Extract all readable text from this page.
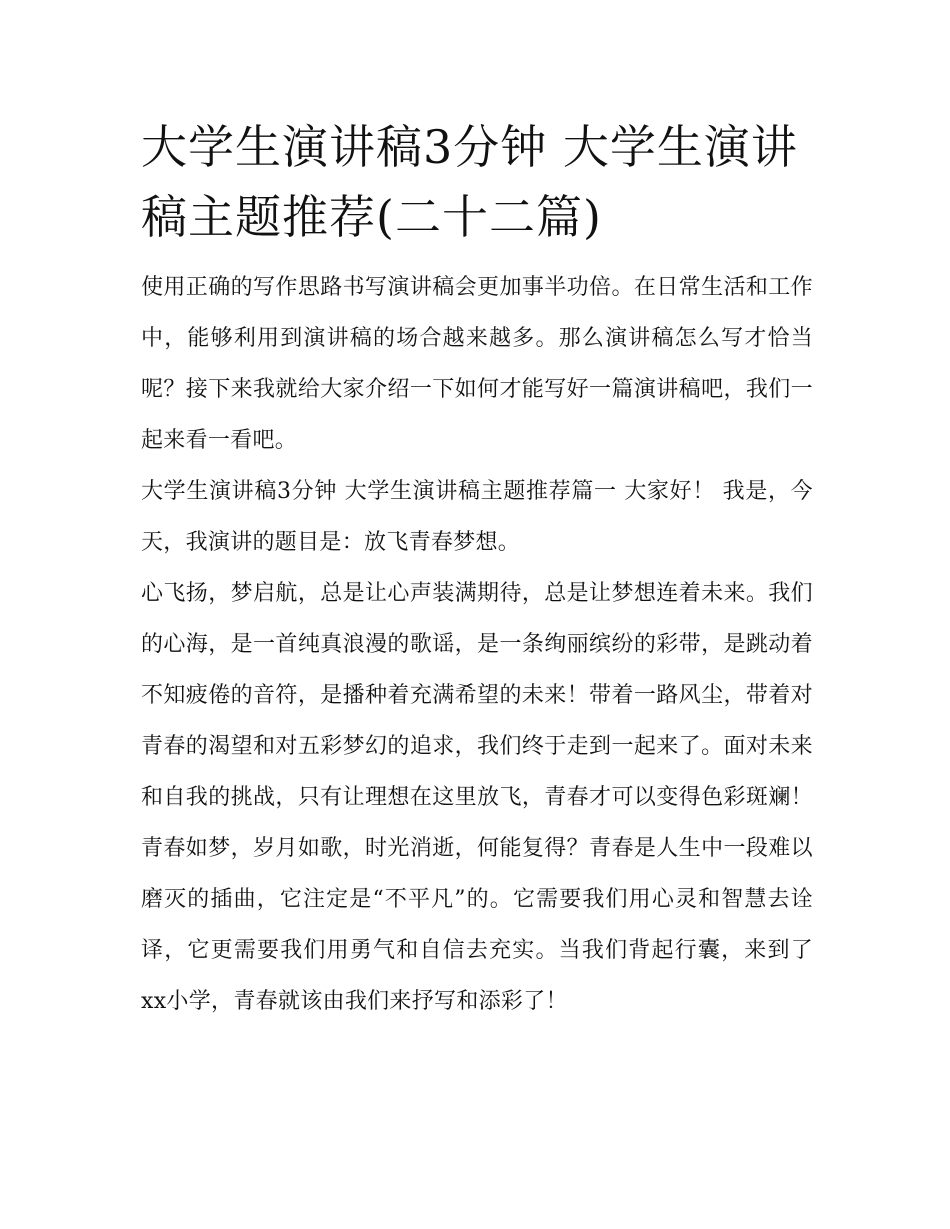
大学生演讲稿3分钟 大学生演讲稿主题推荐(二十二篇)

使用正确的写作思路书写演讲稿会更加事半功倍。在日常生活和工作中，能够利用到演讲稿的场合越来越多。那么演讲稿怎么写才恰当呢？接下来我就给大家介绍一下如何才能写好一篇演讲稿吧，我们一起来看一看吧。

大学生演讲稿3分钟 大学生演讲稿主题推荐篇一 大家好！ 我是，今天，我演讲的题目是：放飞青春梦想。

心飞扬，梦启航，总是让心声装满期待，总是让梦想连着未来。我们的心海，是一首纯真浪漫的歌谣，是一条绚丽缤纷的彩带，是跳动着不知疲倦的音符，是播种着充满希望的未来！带着一路风尘，带着对青春的渴望和对五彩梦幻的追求，我们终于走到一起来了。面对未来和自我的挑战，只有让理想在这里放飞，青春才可以变得色彩斑斓！青春如梦，岁月如歌，时光消逝，何能复得？青春是人生中一段难以磨灭的插曲，它注定是“不平凡”的。它需要我们用心灵和智慧去诠译，它更需要我们用勇气和自信去充实。当我们背起行囊，来到了xx小学，青春就该由我们来抒写和添彩了！
